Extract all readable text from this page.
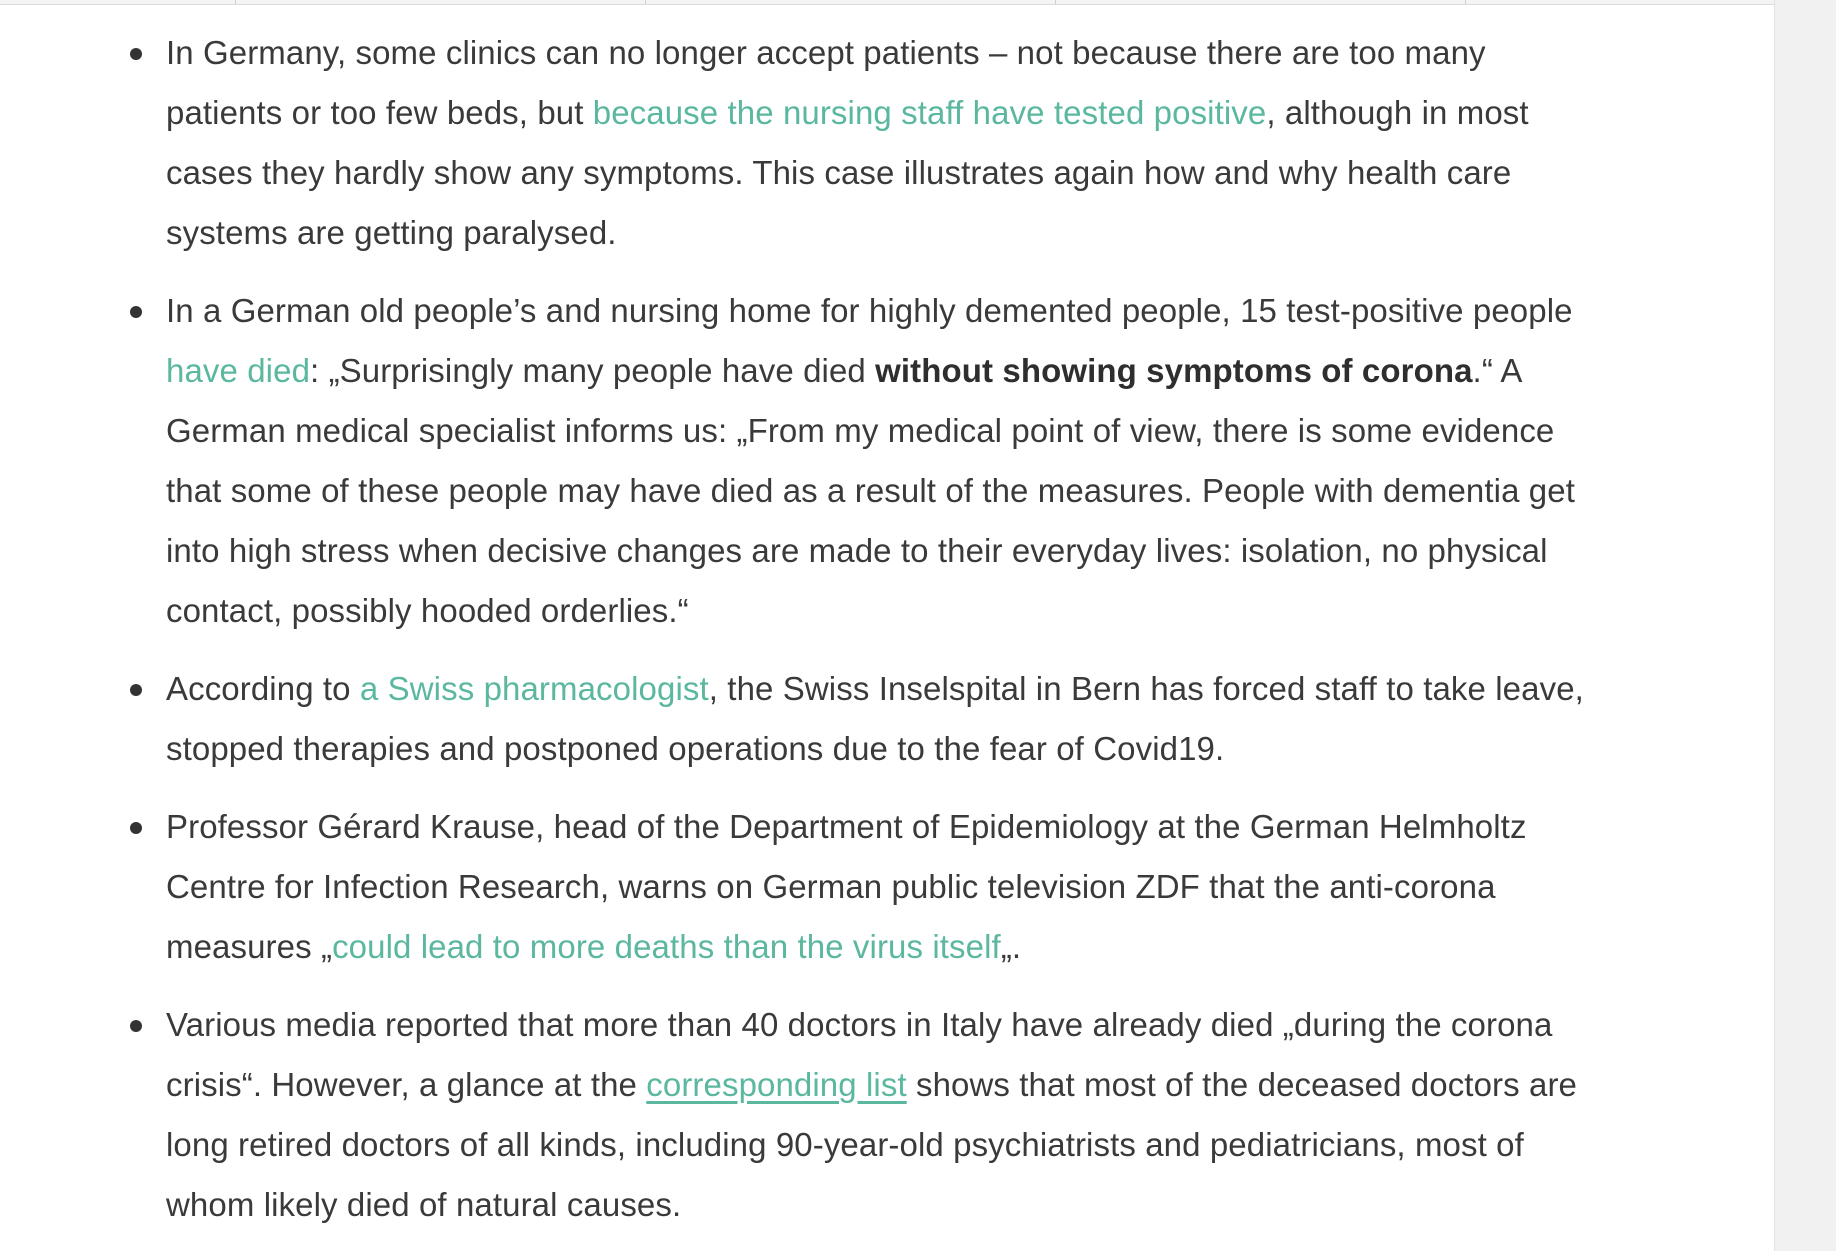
In Germany, some clinics can no longer accept patients – not because there are too many patients or too few beds, but because the nursing staff have tested positive, although in most cases they hardly show any symptoms. This case illustrates again how and why health care systems are getting paralysed.
In a German old people’s and nursing home for highly demented people, 15 test-positive people have died: „Surprisingly many people have died without showing symptoms of corona.“ A German medical specialist informs us: „From my medical point of view, there is some evidence that some of these people may have died as a result of the measures. People with dementia get into high stress when decisive changes are made to their everyday lives: isolation, no physical contact, possibly hooded orderlies.“
According to a Swiss pharmacologist, the Swiss Inselspital in Bern has forced staff to take leave, stopped therapies and postponed operations due to the fear of Covid19.
Professor Gérard Krause, head of the Department of Epidemiology at the German Helmholtz Centre for Infection Research, warns on German public television ZDF that the anti-corona measures „could lead to more deaths than the virus itself„.
Various media reported that more than 40 doctors in Italy have already died „during the corona crisis“. However, a glance at the corresponding list shows that most of the deceased doctors are long retired doctors of all kinds, including 90-year-old psychiatrists and pediatricians, most of whom likely died of natural causes.
